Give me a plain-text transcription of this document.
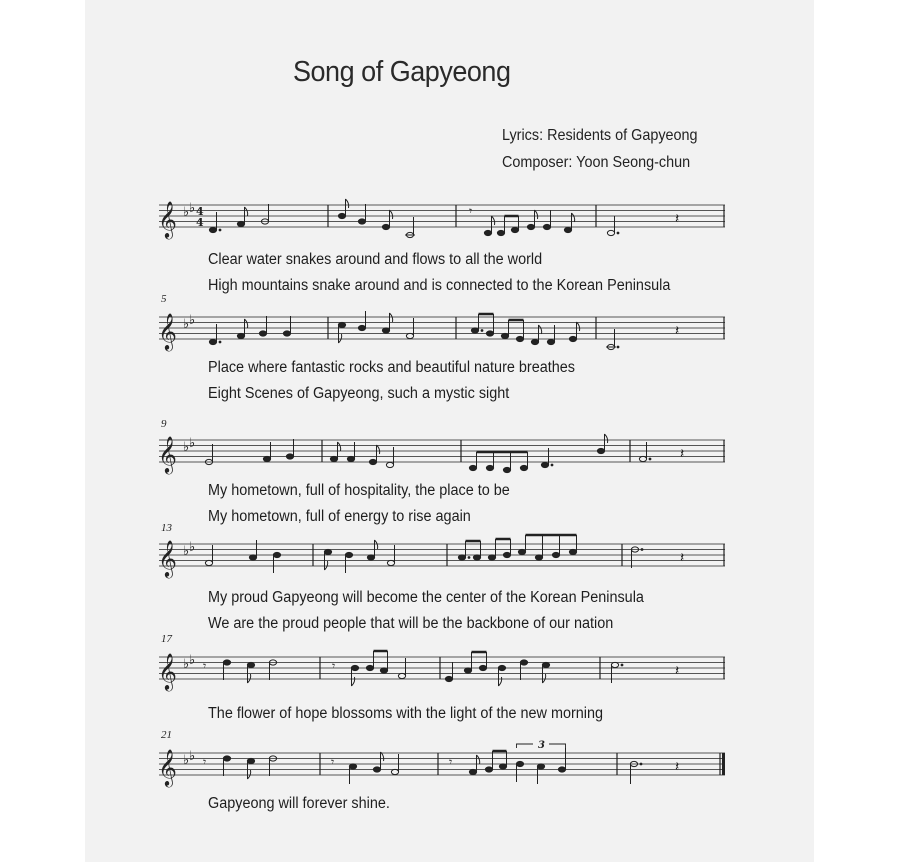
Song of Gapyeong
Lyrics: Residents of Gapyeong
Composer: Yoon Seong-chun
𝄞 ♭ ♭ 4
4
𝄾	𝄽
Clear water snakes around and flows to all the world
High mountains snake around and is connected to the Korean Peninsula
5
𝄞 ♭ ♭
𝄽
Place where fantastic rocks and beautiful nature breathes
Eight Scenes of Gapyeong, such a mystic sight
9
𝄞 ♭ ♭
𝄽
My hometown, full of hospitality, the place to be
My hometown, full of energy to rise again
13
𝄞 ♭ ♭
𝄽
My proud Gapyeong will become the center of the Korean Peninsula
We are the proud people that will be the backbone of our nation
17
𝄞 ♭ ♭ 𝄾	𝄾	𝄽
The flower of hope blossoms with the light of the new morning
21
𝄞 ♭ ♭ 𝄾	𝄾	𝄾
3
𝄽
Gapyeong will forever shine.
